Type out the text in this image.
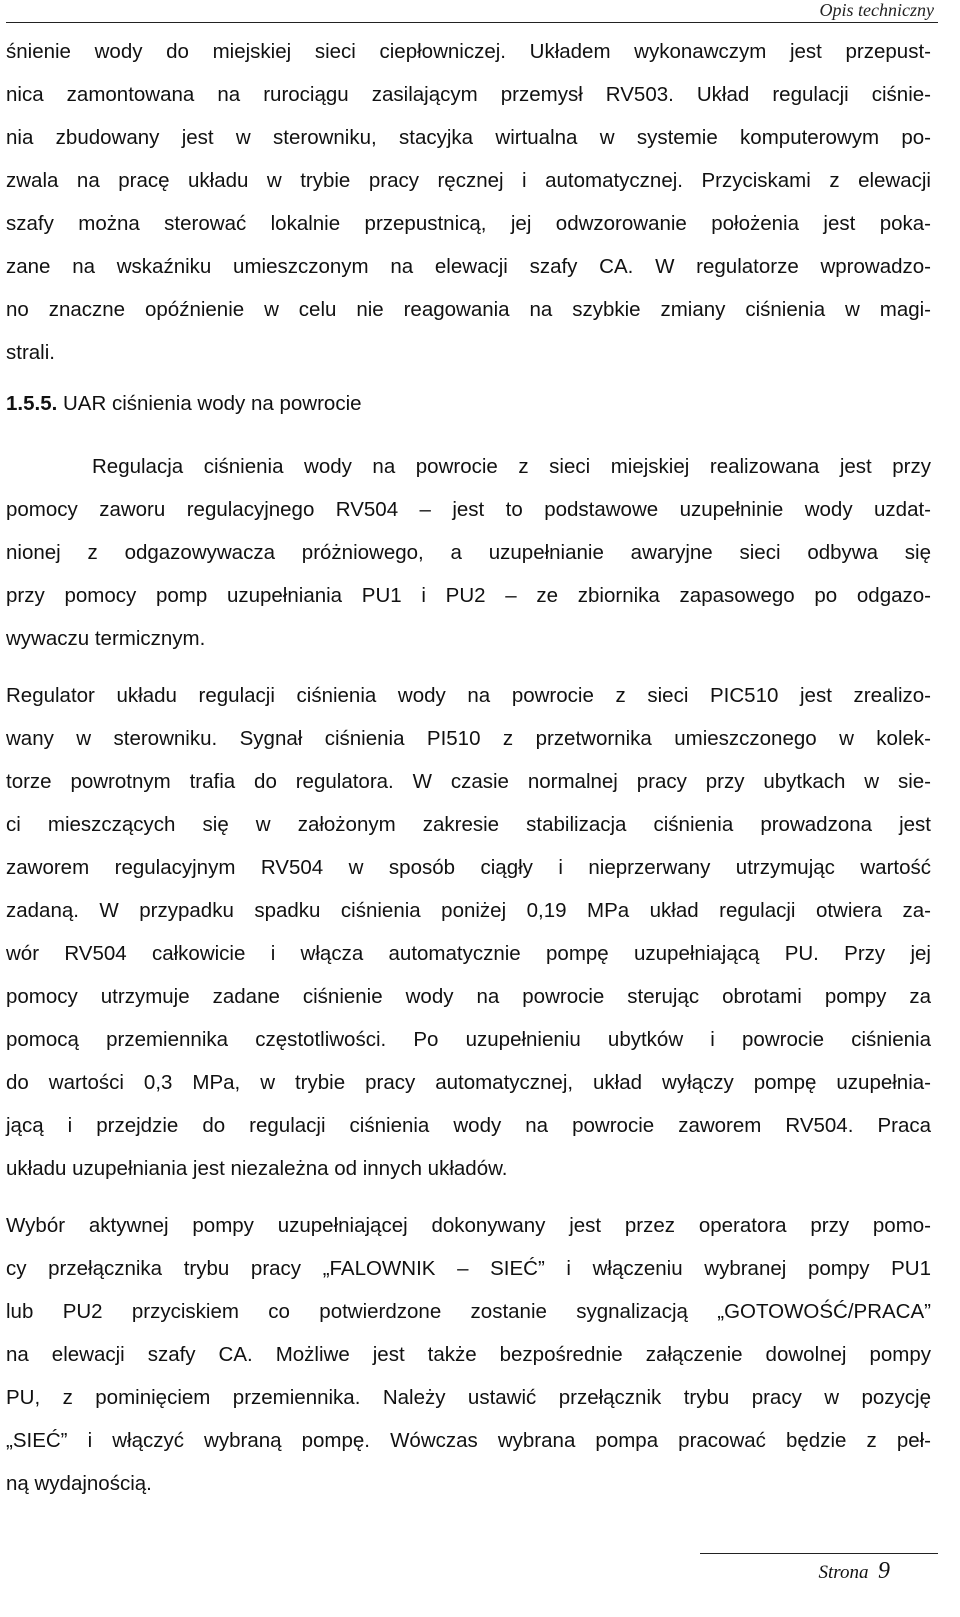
Opis techniczny
śnienie wody do miejskiej sieci ciepłowniczej. Układem wykonawczym jest przepust-
nica zamontowana na rurociągu zasilającym przemysł RV503. Układ regulacji ciśnie-
nia zbudowany jest w sterowniku, stacyjka wirtualna w systemie komputerowym po-
zwala na pracę układu w trybie pracy ręcznej i automatycznej. Przyciskami z elewacji
szafy można sterować lokalnie przepustnicą, jej odwzorowanie położenia jest poka-
zane na wskaźniku umieszczonym na elewacji szafy CA. W regulatorze wprowadzo-
no znaczne opóźnienie w celu nie reagowania na szybkie zmiany ciśnienia w magi-
strali.
1.5.5. UAR ciśnienia wody na powrocie
Regulacja ciśnienia wody na powrocie z sieci miejskiej realizowana jest przy
pomocy zaworu regulacyjnego RV504 – jest to podstawowe uzupełninie wody uzdat-
nionej z odgazowywacza próżniowego, a uzupełnianie awaryjne sieci odbywa się
przy pomocy pomp uzupełniania PU1 i PU2 – ze zbiornika zapasowego po odgazo-
wywaczu termicznym.
Regulator układu regulacji ciśnienia wody na powrocie z sieci PIC510 jest zrealizo-
wany w sterowniku. Sygnał ciśnienia PI510 z przetwornika umieszczonego w kolek-
torze powrotnym trafia do regulatora. W czasie normalnej pracy przy ubytkach w sie-
ci mieszczących się w założonym zakresie stabilizacja ciśnienia prowadzona jest
zaworem regulacyjnym RV504 w sposób ciągły i nieprzerwany utrzymując wartość
zadaną. W przypadku spadku ciśnienia poniżej 0,19 MPa układ regulacji otwiera za-
wór RV504 całkowicie i włącza automatycznie pompę uzupełniającą PU. Przy jej
pomocy utrzymuje zadane ciśnienie wody na powrocie sterując obrotami pompy za
pomocą przemiennika częstotliwości. Po uzupełnieniu ubytków i powrocie ciśnienia
do wartości 0,3 MPa, w trybie pracy automatycznej, układ wyłączy pompę uzupełnia-
jącą i przejdzie do regulacji ciśnienia wody na powrocie zaworem RV504. Praca
układu uzupełniania jest niezależna od innych układów.
Wybór aktywnej pompy uzupełniającej dokonywany jest przez operatora przy pomo-
cy przełącznika trybu pracy „FALOWNIK – SIEĆ” i włączeniu wybranej pompy PU1
lub PU2 przyciskiem co potwierdzone zostanie sygnalizacją „GOTOWOŚĆ/PRACA”
na elewacji szafy CA. Możliwe jest także bezpośrednie załączenie dowolnej pompy
PU, z pominięciem przemiennika. Należy ustawić przełącznik trybu pracy w pozycję
„SIEĆ” i włączyć wybraną pompę. Wówczas wybrana pompa pracować będzie z peł-
ną wydajnością.
Strona 9
